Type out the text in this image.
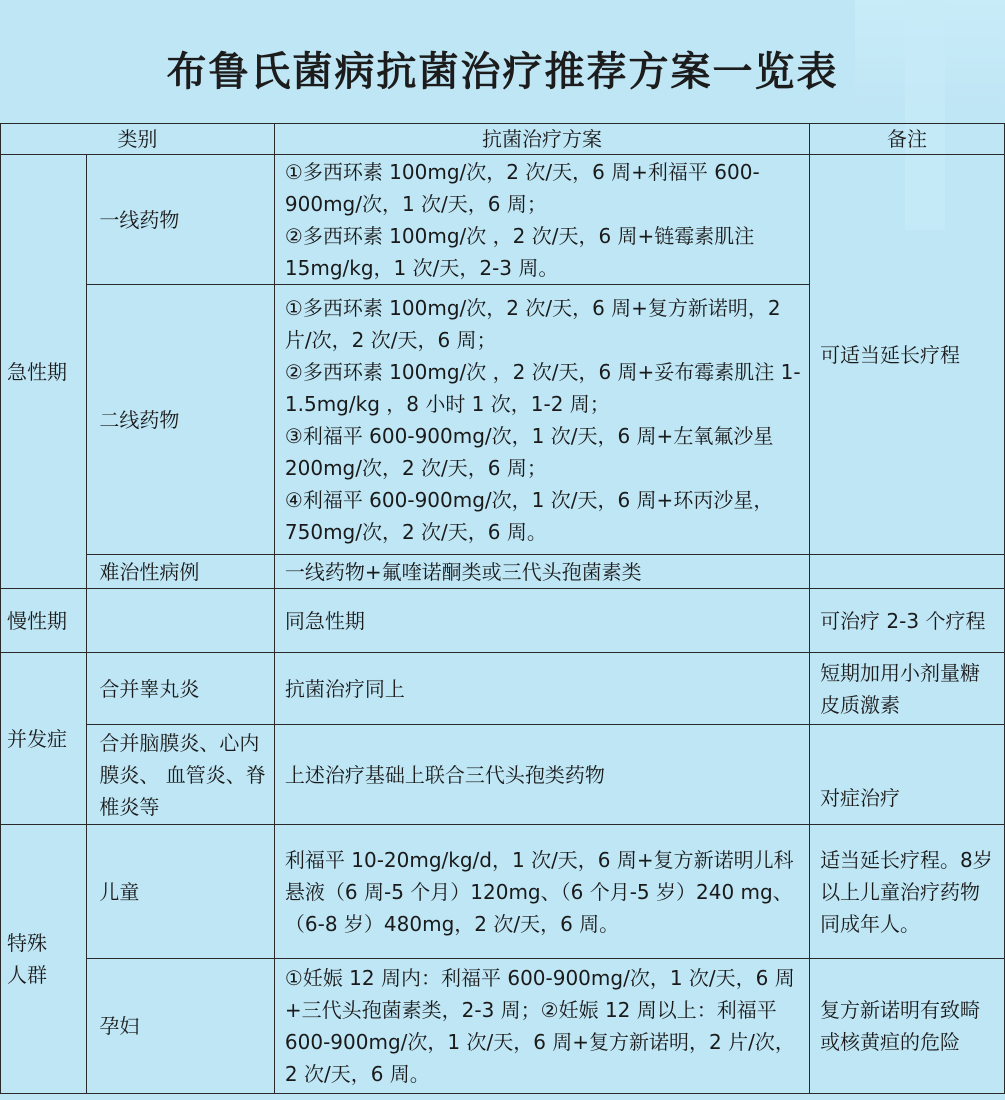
布鲁氏菌病抗菌治疗推荐方案一览表
类别		抗菌治疗方案	备注
急性期	一线药物	①多西环素 100mg/次，2 次/天，6 周+利福平 600-900mg/次，1 次/天，6 周；

②多西环素 100mg/次 ，2 次/天，6 周+链霉素肌注 15mg/kg，1 次/天，2-3 周。	可适当延长疗程
	二线药物	①多西环素 100mg/次，2 次/天，6 周+复方新诺明，2 片/次，2 次/天，6 周；

②多西环素 100mg/次 ，2 次/天，6 周+妥布霉素肌注 1-1.5mg/kg ，8 小时 1 次，1-2 周；

③利福平 600-900mg/次，1 次/天，6 周+左氧氟沙星 200mg/次，2 次/天，6 周；

④利福平 600-900mg/次，1 次/天，6 周+环丙沙星，750mg/次，2 次/天，6 周。	

	难治性病例	一线药物+氟喹诺酮类或三代头孢菌素类	
慢性期		同急性期	可治疗 2-3 个疗程
并发症	合并睾丸炎	抗菌治疗同上	短期加用小剂量糖皮质激素
	合并脑膜炎、心内膜炎、 血管炎、脊椎炎等	上述治疗基础上联合三代头孢类药物	对症治疗
特殊人群	儿童	利福平 10-20mg/kg/d，1 次/天，6 周+复方新诺明儿科悬液（6 周-5 个月）120mg、（6 个月-5 岁）240 mg、（6-8 岁）480mg，2 次/天，6 周。	适当延长疗程。8岁以上儿童治疗药物同成年人。
	孕妇	①妊娠 12 周内：利福平 600-900mg/次，1 次/天，6 周+三代头孢菌素类，2-3 周；②妊娠 12 周以上：利福平 600-900mg/次，1 次/天，6 周+复方新诺明，2 片/次，2 次/天，6 周。	复方新诺明有致畸或核黄疸的危险
